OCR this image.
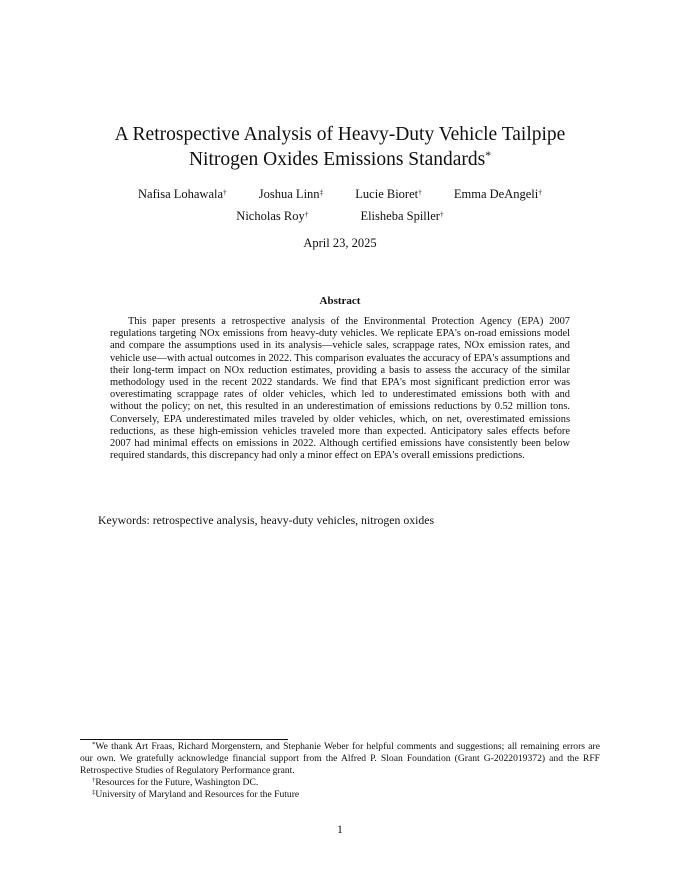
A Retrospective Analysis of Heavy-Duty Vehicle Tailpipe
Nitrogen Oxides Emissions Standards*
Nafisa Lohawala†	Joshua Linn‡	Lucie Bioret†	Emma DeAngeli†
Nicholas Roy†	Elisheba Spiller†
April 23, 2025
Abstract
This paper presents a retrospective analysis of the Environmental Protection Agency (EPA) 2007 regulations targeting NOx emissions from heavy-duty vehicles. We replicate EPA's on-road emissions model and compare the assumptions used in its analysis—vehicle sales, scrappage rates, NOx emission rates, and vehicle use—with actual outcomes in 2022. This comparison evaluates the accuracy of EPA's assumptions and their long-term impact on NOx reduction estimates, providing a basis to assess the accuracy of the similar methodology used in the recent 2022 standards. We find that EPA's most significant prediction error was overestimating scrappage rates of older vehicles, which led to underestimated emissions both with and without the policy; on net, this resulted in an underestimation of emissions reductions by 0.52 million tons. Conversely, EPA underestimated miles traveled by older vehicles, which, on net, overestimated emissions reductions, as these high-emission vehicles traveled more than expected. Anticipatory sales effects before 2007 had minimal effects on emissions in 2022. Although certified emissions have consistently been below required standards, this discrepancy had only a minor effect on EPA's overall emissions predictions.
Keywords: retrospective analysis, heavy-duty vehicles, nitrogen oxides

*We thank Art Fraas, Richard Morgenstern, and Stephanie Weber for helpful comments and suggestions; all remaining errors are our own. We gratefully acknowledge financial support from the Alfred P. Sloan Foundation (Grant G-2022019372) and the RFF Retrospective Studies of Regulatory Performance grant.

†Resources for the Future, Washington DC.

‡University of Maryland and Resources for the Future

1
